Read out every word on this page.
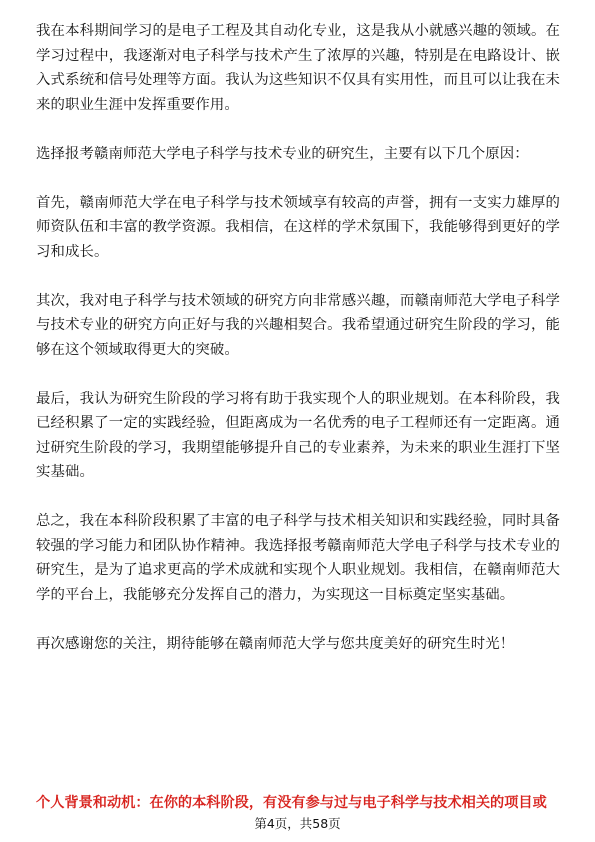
我在本科期间学习的是电子工程及其自动化专业，这是我从小就感兴趣的领域。在学习过程中，我逐渐对电子科学与技术产生了浓厚的兴趣，特别是在电路设计、嵌入式系统和信号处理等方面。我认为这些知识不仅具有实用性，而且可以让我在未来的职业生涯中发挥重要作用。

选择报考赣南师范大学电子科学与技术专业的研究生，主要有以下几个原因：

首先，赣南师范大学在电子科学与技术领域享有较高的声誉，拥有一支实力雄厚的师资队伍和丰富的教学资源。我相信，在这样的学术氛围下，我能够得到更好的学习和成长。

其次，我对电子科学与技术领域的研究方向非常感兴趣，而赣南师范大学电子科学与技术专业的研究方向正好与我的兴趣相契合。我希望通过研究生阶段的学习，能够在这个领域取得更大的突破。

最后，我认为研究生阶段的学习将有助于我实现个人的职业规划。在本科阶段，我已经积累了一定的实践经验，但距离成为一名优秀的电子工程师还有一定距离。通过研究生阶段的学习，我期望能够提升自己的专业素养，为未来的职业生涯打下坚实基础。

总之，我在本科阶段积累了丰富的电子科学与技术相关知识和实践经验，同时具备较强的学习能力和团队协作精神。我选择报考赣南师范大学电子科学与技术专业的研究生，是为了追求更高的学术成就和实现个人职业规划。我相信，在赣南师范大学的平台上，我能够充分发挥自己的潜力，为实现这一目标奠定坚实基础。

再次感谢您的关注，期待能够在赣南师范大学与您共度美好的研究生时光！

个人背景和动机：在你的本科阶段，有没有参与过与电子科学与技术相关的项目或
第4页，共58页
